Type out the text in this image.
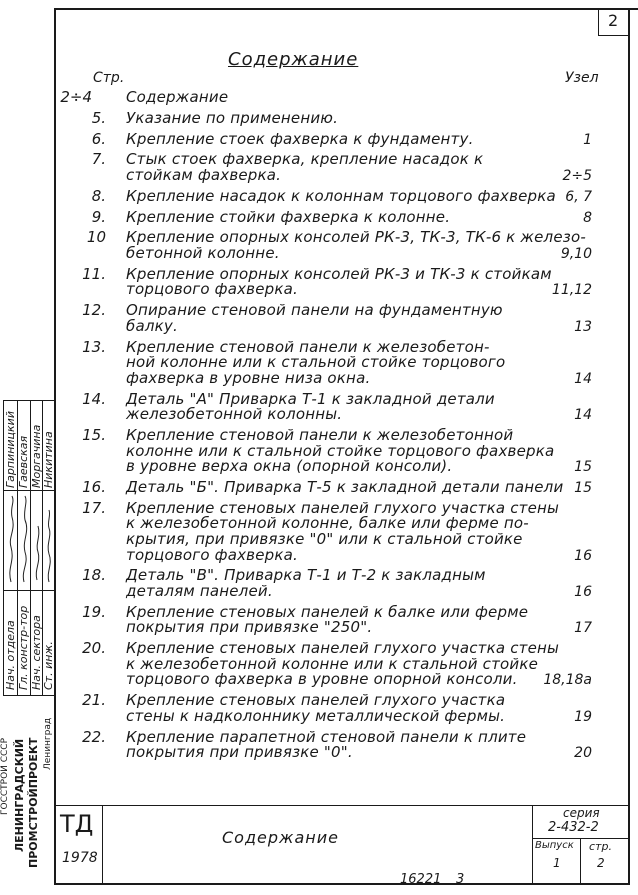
2
Содержание
Стр.	Узел
2÷4 Содержание
5. Указание по применению.
6. Крепление стоек фахверка к фундаменту.	1
7. Стык стоек фахверка, крепление насадок к
стойкам фахверка.	2÷5
8. Крепление насадок к колоннам торцового фахверка 6, 7
9. Крепление стойки фахверка к колонне.	8
10 Крепление опорных консолей РК-3, ТК-3, ТК-6 к железо-
бетонной колонне.	9,10
11. Крепление опорных консолей РК-3 и ТК-3 к стойкам
торцового фахверка.	11,12
12. Опирание стеновой панели на фундаментную
балку.	13
13. Крепление стеновой панели к железобетон-
ной колонне или к стальной стойке торцового
фахверка в уровне низа окна.	14
14. Деталь "А" Приварка Т-1 к закладной детали
железобетонной колонны.	14
15. Крепление стеновой панели к железобетонной
колонне или к стальной стойке торцового фахверка
в уровне верха окна (опорной консоли).	15
16. Деталь "Б". Приварка Т-5 к закладной детали панели 15
17. Крепление стеновых панелей глухого участка стены
к железобетонной колонне, балке или ферме по-
крытия, при привязке "0" или к стальной стойке
торцового фахверка.	16
18. Деталь "В". Приварка Т-1 и Т-2 к закладным
деталям панелей.	16
19. Крепление стеновых панелей к балке или ферме
покрытия при привязке "250".	17
20. Крепление стеновых панелей глухого участка стены
к железобетонной колонне или к стальной стойке
торцового фахверка в уровне опорной консоли. 18,18а
21. Крепление стеновых панелей глухого участка
стены к надколоннику металлической фермы.	19
22. Крепление парапетной стеновой панели к плите
покрытия при привязке "0".	20
Нач. отдела Гл. констр-тор Нач. сектора Ст. инж.
Гарпиницкий Гаевская Моргачина Никитина
ГОССТРОЙ СССР ЛЕНИНГРАДСКИЙ ПРОМСТРОЙПРОЕКТ Ленинград
ТД
1978
Содержание
серия
2-432-2
Выпуск
1
стр.
2
16221 3
